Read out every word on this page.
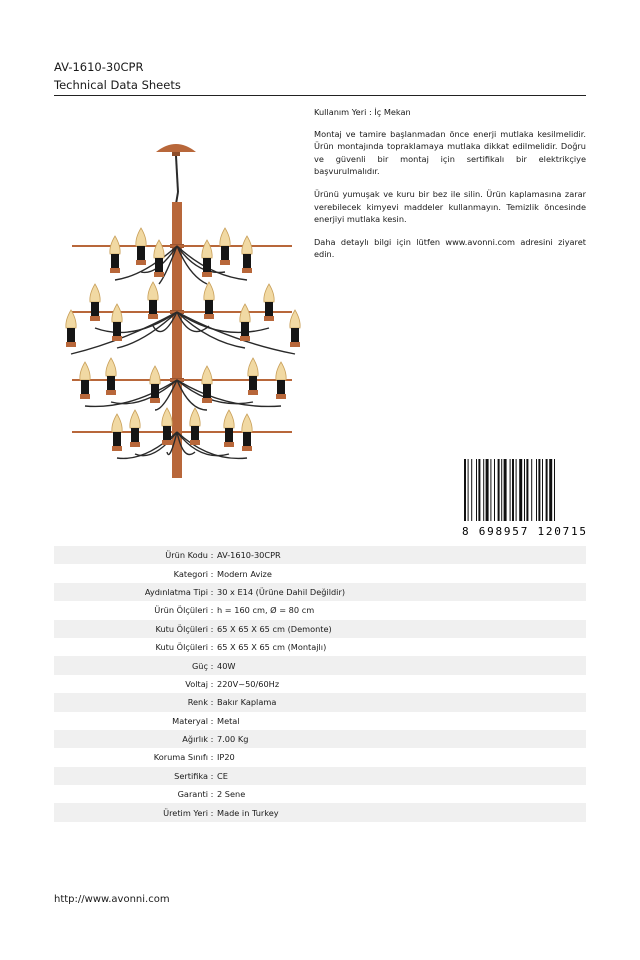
AV-1610-30CPR
Technical Data Sheets

Kullanım Yeri : İç Mekan

Montaj ve tamire başlanmadan önce enerji mutlaka kesilmelidir. Ürün montajında topraklamaya mutlaka dikkat edilmelidir. Doğru ve güvenli bir montaj için sertifikalı bir elektrikçiye başvurulmalıdır.

Ürünü yumuşak ve kuru bir bez ile silin. Ürün kaplamasına zarar verebilecek kimyevi maddeler kullanmayın. Temizlik öncesinde enerjiyi mutlaka kesin.

Daha detaylı bilgi için lütfen www.avonni.com adresini ziyaret edin.

8 698957 120715
Ürün Kodu : AV-1610-30CPR
Kategori : Modern Avize
Aydınlatma Tipi : 30 x E14 (Ürüne Dahil Değildir)
Ürün Ölçüleri : h = 160 cm, Ø = 80 cm
Kutu Ölçüleri : 65 X 65 X 65 cm (Demonte)
Kutu Ölçüleri : 65 X 65 X 65 cm (Montajlı)
Güç : 40W
Voltaj : 220V~50/60Hz
Renk : Bakır Kaplama
Materyal : Metal
Ağırlık : 7.00 Kg
Koruma Sınıfı : IP20
Sertifika : CE
Garanti : 2 Sene
Üretim Yeri : Made in Turkey
http://www.avonni.com
